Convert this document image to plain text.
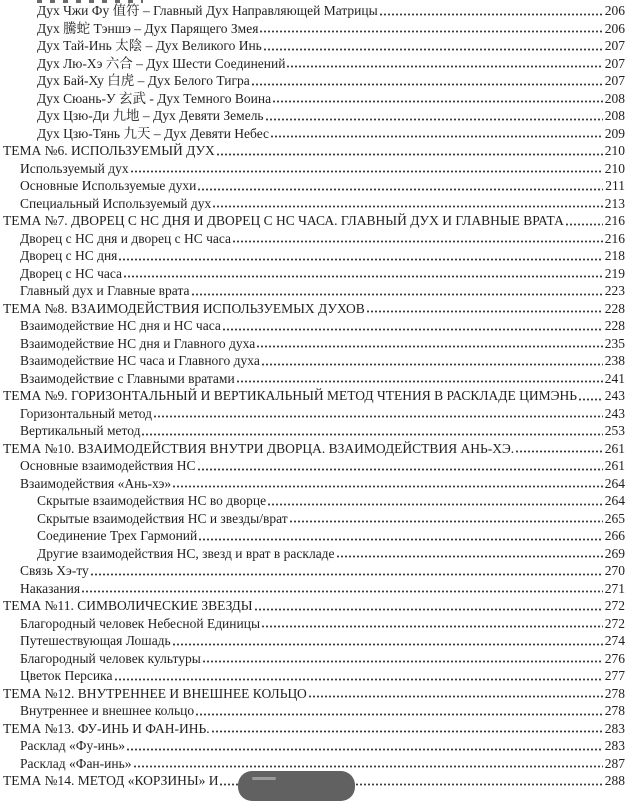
Дух Чжи Фу 值符 – Главный Дух Направляющей Матрицы	206
Дух 騰蛇 Тэншэ – Дух Парящего Змея	206
Дух Тай-Инь 太陰 – Дух Великого Инь	207
Дух Лю-Хэ 六合 – Дух Шести Соединений	207
Дух Бай-Ху 白虎 – Дух Белого Тигра	207
Дух Сюань-У 玄武 - Дух Темного Воина	208
Дух Цзю-Ди 九地 – Дух Девяти Земель	208
Дух Цзю-Тянь 九天 – Дух Девяти Небес	209
ТЕМА №6. ИСПОЛЬЗУЕМЫЙ ДУХ	210
Используемый дух	210
Основные Используемые духи	211
Специальный Используемый дух	213
ТЕМА №7. ДВОРЕЦ С НС ДНЯ И ДВОРЕЦ С НС ЧАСА. ГЛАВНЫЙ ДУХ И ГЛАВНЫЕ ВРАТА	216
Дворец с НС дня и дворец с НС часа	216
Дворец с НС дня	218
Дворец с НС часа	219
Главный дух и Главные врата	223
ТЕМА №8. ВЗАИМОДЕЙСТВИЯ ИСПОЛЬЗУЕМЫХ ДУХОВ	228
Взаимодействие НС дня и НС часа	228
Взаимодействие НС дня и Главного духа	235
Взаимодействие НС часа и Главного духа	238
Взаимодействие с Главными вратами	241
ТЕМА №9. ГОРИЗОНТАЛЬНЫЙ И ВЕРТИКАЛЬНЫЙ МЕТОД ЧТЕНИЯ В РАСКЛАДЕ ЦИМЭНЬ 243
Горизонтальный метод	243
Вертикальный метод	253
ТЕМА №10. ВЗАИМОДЕЙСТВИЯ ВНУТРИ ДВОРЦА. ВЗАИМОДЕЙСТВИЯ АНЬ-ХЭ.	261
Основные взаимодействия НС	261
Взаимодействия «Ань-хэ»	264
Скрытые взаимодействия НС во дворце	264
Скрытые взаимодействия НС и звезды/врат	265
Соединение Трех Гармоний	266
Другие взаимодействия НС, звезд и врат в раскладе	269
Связь Хэ-ту	270
Наказания	271
ТЕМА №11. СИМВОЛИЧЕСКИЕ ЗВЕЗДЫ	272
Благородный человек Небесной Единицы	272
Путешествующая Лошадь	274
Благородный человек культуры	276
Цветок Персика	277
ТЕМА №12. ВНУТРЕННЕЕ И ВНЕШНЕЕ КОЛЬЦО	278
Внутреннее и внешнее кольцо	278
ТЕМА №13. ФУ-ИНЬ И ФАН-ИНЬ.	283
Расклад «Фу-инь»	283
Расклад «Фан-инь»	287
ТЕМА №14. МЕТОД «КОРЗИНЫ» И	288
